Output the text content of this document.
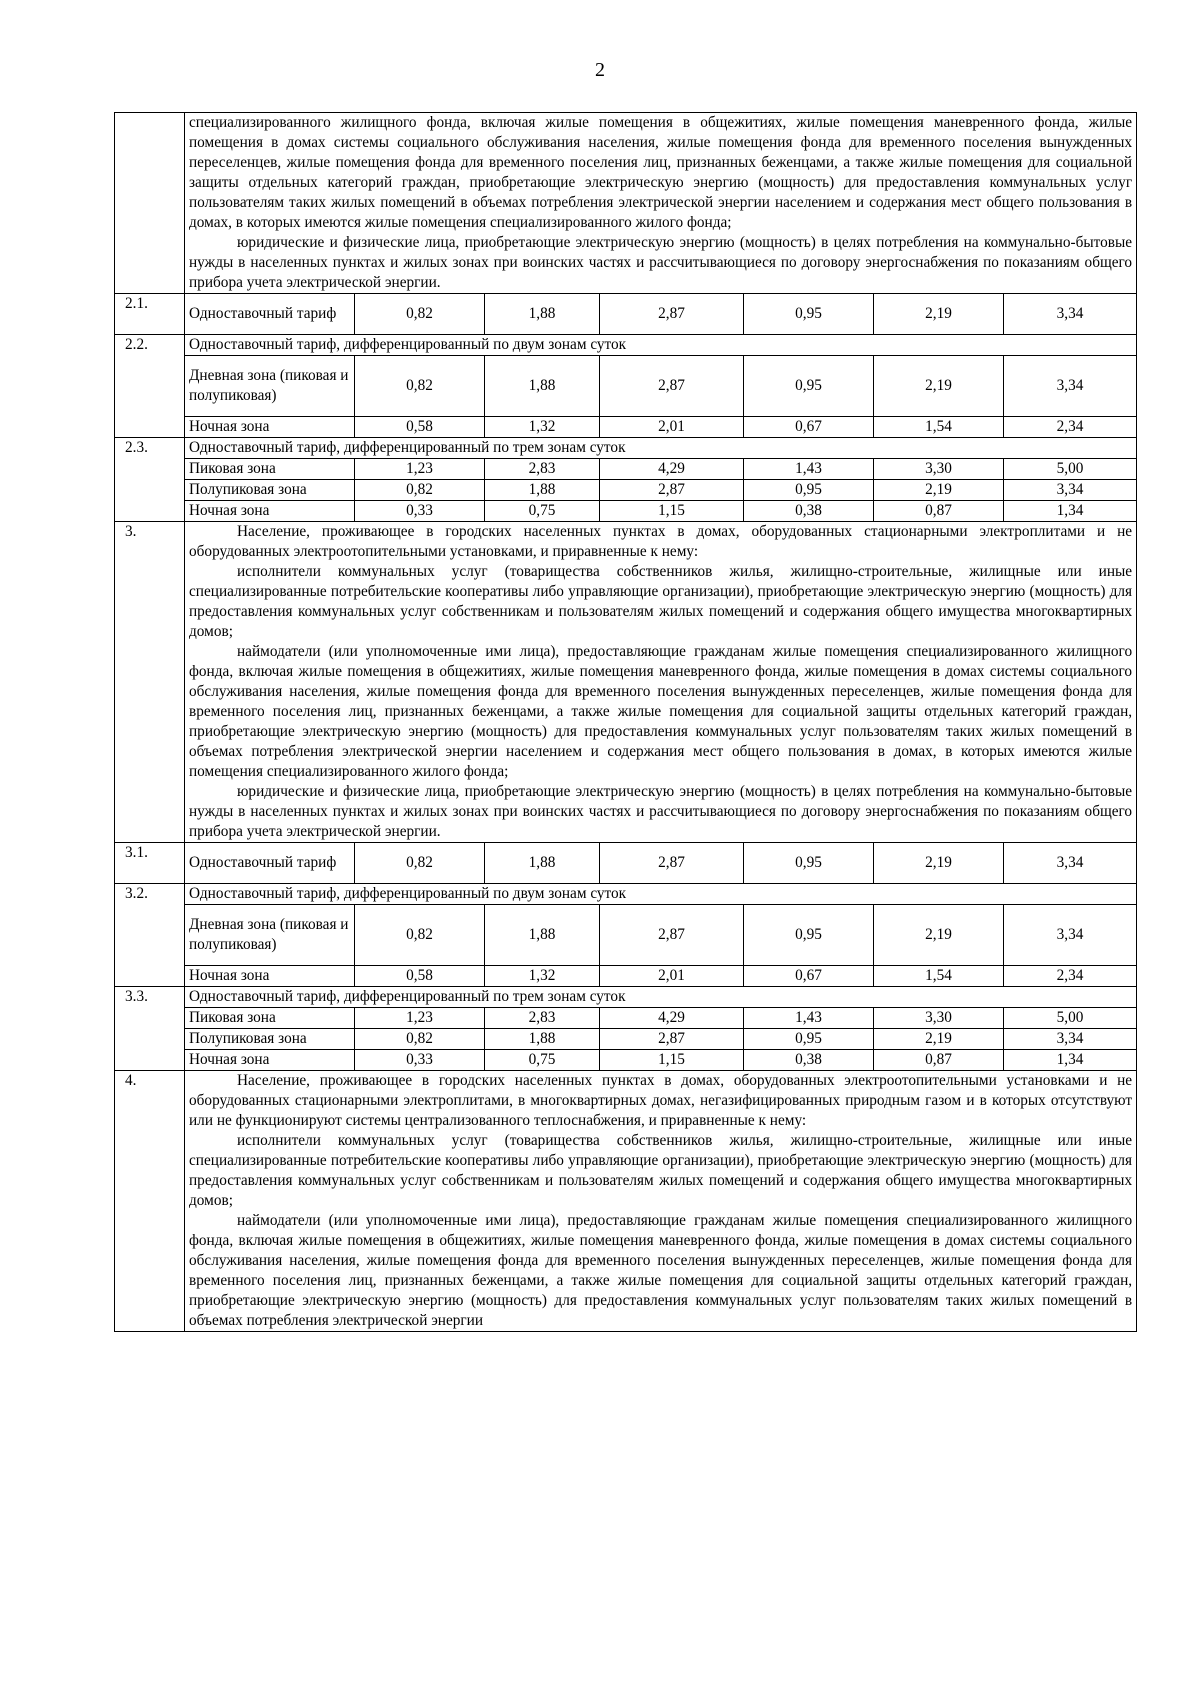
2

	специализированного жилищного фонда, включая жилые помещения в общежитиях, жилые помещения маневренного фонда, жилые помещения в домах системы социального обслуживания населения, жилые помещения фонда для временного поселения вынужденных переселенцев, жилые помещения фонда для временного поселения лиц, признанных беженцами, а также жилые помещения для социальной защиты отдельных категорий граждан, приобретающие электрическую энергию (мощность) для предоставления коммунальных услуг пользователям таких жилых помещений в объемах потребления электрической энергии населением и содержания мест общего пользования в домах, в которых имеются жилые помещения специализированного жилого фонда;

юридические и физические лица, приобретающие электрическую энергию (мощность) в целях потребления на коммунально-бытовые нужды в населенных пунктах и жилых зонах при воинских частях и рассчитывающиеся по договору энергоснабжения по показаниям общего прибора учета электрической энергии.						

2.1.	Одноставочный тариф	0,82	1,88	2,87	0,95	2,19	3,34
2.2.	Одноставочный тариф, дифференцированный по двум зонам суток						
	Дневная зона (пиковая и полупиковая)	0,82	1,88	2,87	0,95	2,19	3,34
	Ночная зона	0,58	1,32	2,01	0,67	1,54	2,34
2.3.	Одноставочный тариф, дифференцированный по трем зонам суток						
	Пиковая зона	1,23	2,83	4,29	1,43	3,30	5,00
	Полупиковая зона	0,82	1,88	2,87	0,95	2,19	3,34
	Ночная зона	0,33	0,75	1,15	0,38	0,87	1,34
3.	Население, проживающее в городских населенных пунктах в домах, оборудованных стационарными электроплитами и не оборудованных электроотопительными установками, и приравненные к нему:

исполнители коммунальных услуг (товарищества собственников жилья, жилищно-строительные, жилищные или иные специализированные потребительские кооперативы либо управляющие организации), приобретающие электрическую энергию (мощность) для предоставления коммунальных услуг собственникам и пользователям жилых помещений и содержания общего имущества многоквартирных домов;

наймодатели (или уполномоченные ими лица), предоставляющие гражданам жилые помещения специализированного жилищного фонда, включая жилые помещения в общежитиях, жилые помещения маневренного фонда, жилые помещения в домах системы социального обслуживания населения, жилые помещения фонда для временного поселения вынужденных переселенцев, жилые помещения фонда для временного поселения лиц, признанных беженцами, а также жилые помещения для социальной защиты отдельных категорий граждан, приобретающие электрическую энергию (мощность) для предоставления коммунальных услуг пользователям таких жилых помещений в объемах потребления электрической энергии населением и содержания мест общего пользования в домах, в которых имеются жилые помещения специализированного жилого фонда;

юридические и физические лица, приобретающие электрическую энергию (мощность) в целях потребления на коммунально-бытовые нужды в населенных пунктах и жилых зонах при воинских частях и рассчитывающиеся по договору энергоснабжения по показаниям общего прибора учета электрической энергии.						

3.1.	Одноставочный тариф	0,82	1,88	2,87	0,95	2,19	3,34
3.2.	Одноставочный тариф, дифференцированный по двум зонам суток						
	Дневная зона (пиковая и полупиковая)	0,82	1,88	2,87	0,95	2,19	3,34
	Ночная зона	0,58	1,32	2,01	0,67	1,54	2,34
3.3.	Одноставочный тариф, дифференцированный по трем зонам суток						
	Пиковая зона	1,23	2,83	4,29	1,43	3,30	5,00
	Полупиковая зона	0,82	1,88	2,87	0,95	2,19	3,34
	Ночная зона	0,33	0,75	1,15	0,38	0,87	1,34
4.	Население, проживающее в городских населенных пунктах в домах, оборудованных электроотопительными установками и не оборудованных стационарными электроплитами, в многоквартирных домах, негазифицированных природным газом и в которых отсутствуют или не функционируют системы централизованного теплоснабжения, и приравненные к нему:

исполнители коммунальных услуг (товарищества собственников жилья, жилищно-строительные, жилищные или иные специализированные потребительские кооперативы либо управляющие организации), приобретающие электрическую энергию (мощность) для предоставления коммунальных услуг собственникам и пользователям жилых помещений и содержания общего имущества многоквартирных домов;

наймодатели (или уполномоченные ими лица), предоставляющие гражданам жилые помещения специализированного жилищного фонда, включая жилые помещения в общежитиях, жилые помещения маневренного фонда, жилые помещения в домах системы социального обслуживания населения, жилые помещения фонда для временного поселения вынужденных переселенцев, жилые помещения фонда для временного поселения лиц, признанных беженцами, а также жилые помещения для социальной защиты отдельных категорий граждан, приобретающие электрическую энергию (мощность) для предоставления коммунальных услуг пользователям таких жилых помещений в объемах потребления электрической энергии						
